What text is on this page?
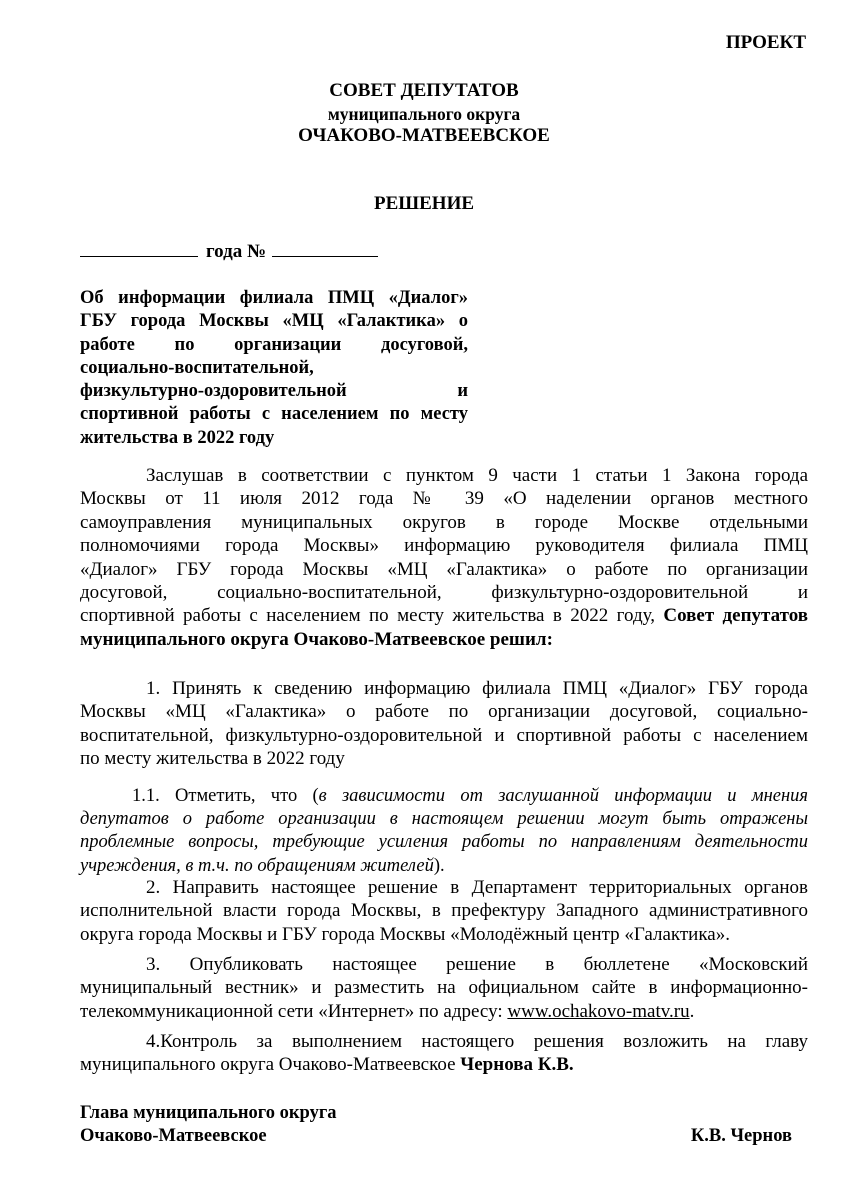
ПРОЕКТ
СОВЕТ ДЕПУТАТОВ
муниципального округа
ОЧАКОВО-МАТВЕЕВСКОЕ
РЕШЕНИЕ
года №
Об информации филиала ПМЦ «Диалог»
ГБУ города Москвы «МЦ «Галактика» о
работе по организации досуговой,
социально-воспитательной,
физкультурно-оздоровительной и
спортивной работы с населением по месту
жительства в 2022 году
Заслушав в соответствии с пунктом 9 части 1 статьи 1 Закона города
Москвы от 11 июля 2012 года № 39 «О наделении органов местного
самоуправления муниципальных округов в городе Москве отдельными
полномочиями города Москвы» информацию руководителя филиала ПМЦ
«Диалог» ГБУ города Москвы «МЦ «Галактика» о работе по организации
досуговой, социально-воспитательной, физкультурно-оздоровительной и
спортивной работы с населением по месту жительства в 2022 году, Совет депутатов
муниципального округа Очаково-Матвеевское решил:
1. Принять к сведению информацию филиала ПМЦ «Диалог» ГБУ города
Москвы «МЦ «Галактика» о работе по организации досуговой, социально-
воспитательной, физкультурно-оздоровительной и спортивной работы с населением
по месту жительства в 2022 году
1.1. Отметить, что (в зависимости от заслушанной информации и мнения
депутатов о работе организации в настоящем решении могут быть отражены
проблемные вопросы, требующие усиления работы по направлениям деятельности
учреждения, в т.ч. по обращениям жителей).
2. Направить настоящее решение в Департамент территориальных органов
исполнительной власти города Москвы, в префектуру Западного административного
округа города Москвы и ГБУ города Москвы «Молодёжный центр «Галактика».
3. Опубликовать настоящее решение в бюллетене «Московский
муниципальный вестник» и разместить на официальном сайте в информационно-
телекоммуникационной сети «Интернет» по адресу: www.ochakovo-matv.ru.
4.Контроль за выполнением настоящего решения возложить на главу
муниципального округа Очаково-Матвеевское Чернова К.В.
Глава муниципального округа
Очаково-Матвеевское	К.В. Чернов
